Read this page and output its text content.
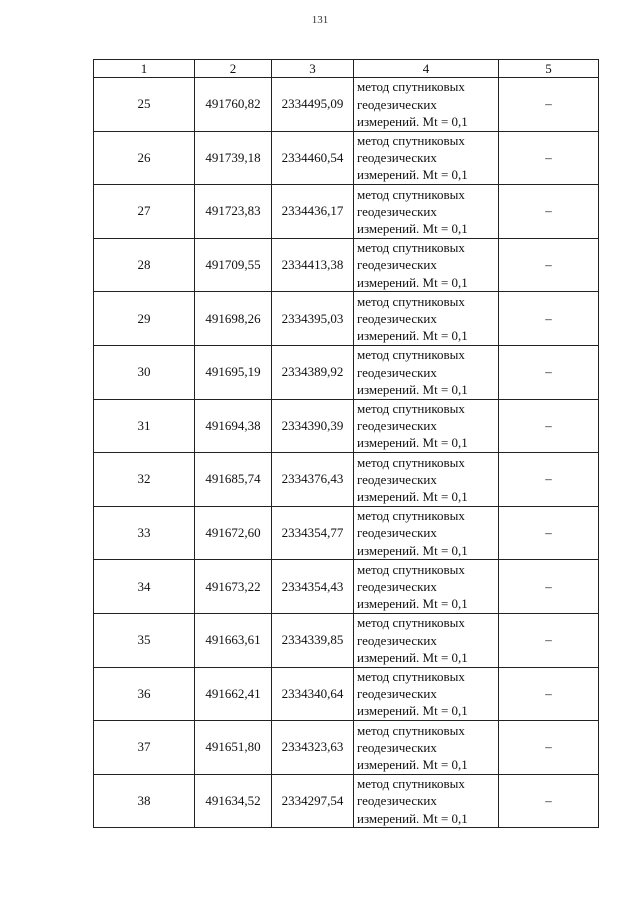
131
1	2	3	4	5
25	491760,82	2334495,09	метод спутниковых
геодезических
измерений. Mt = 0,1	–
26	491739,18	2334460,54	метод спутниковых
геодезических
измерений. Mt = 0,1	–
27	491723,83	2334436,17	метод спутниковых
геодезических
измерений. Mt = 0,1	–
28	491709,55	2334413,38	метод спутниковых
геодезических
измерений. Mt = 0,1	–
29	491698,26	2334395,03	метод спутниковых
геодезических
измерений. Mt = 0,1	–
30	491695,19	2334389,92	метод спутниковых
геодезических
измерений. Mt = 0,1	–
31	491694,38	2334390,39	метод спутниковых
геодезических
измерений. Mt = 0,1	–
32	491685,74	2334376,43	метод спутниковых
геодезических
измерений. Mt = 0,1	–
33	491672,60	2334354,77	метод спутниковых
геодезических
измерений. Mt = 0,1	–
34	491673,22	2334354,43	метод спутниковых
геодезических
измерений. Mt = 0,1	–
35	491663,61	2334339,85	метод спутниковых
геодезических
измерений. Mt = 0,1	–
36	491662,41	2334340,64	метод спутниковых
геодезических
измерений. Mt = 0,1	–
37	491651,80	2334323,63	метод спутниковых
геодезических
измерений. Mt = 0,1	–
38	491634,52	2334297,54	метод спутниковых
геодезических
измерений. Mt = 0,1	–
